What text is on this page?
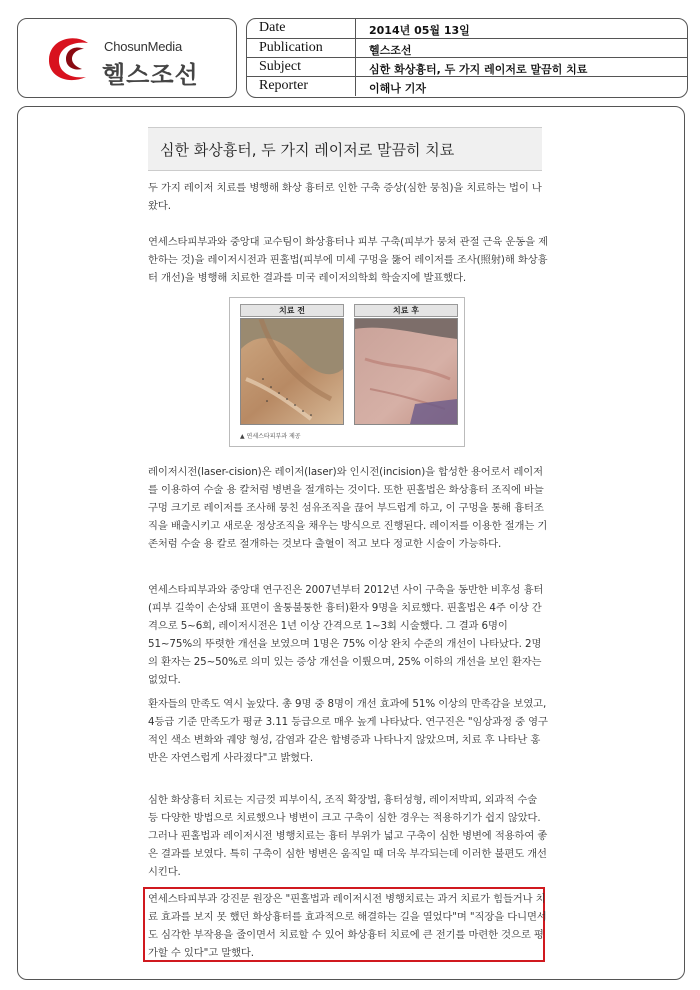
ChosunMedia
헬스조선
Date	2014년 05월 13일
Publication	헬스조선
Subject	심한 화상흉터, 두 가지 레이저로 말끔히 치료
Reporter	이해나 기자
심한 화상흉터, 두 가지 레이저로 말끔히 치료

두 가지 레이저 치료를 병행해 화상 흉터로 인한 구축 증상(심한 뭉침)을 치료하는 법이 나왔다.

연세스타피부과와 중앙대 교수팀이 화상흉터나 피부 구축(피부가 뭉쳐 관절 근육 운동을 제한하는 것)을 레이저시전과 핀홀법(피부에 미세 구멍을 뚫어 레이저를 조사(照射)해 화상흉터 개선)을 병행해 치료한 결과를 미국 레이저의학회 학술지에 발표했다.

치료 전	치료 후
▲ 연세스타피부과 제공

레이저시전(laser-cision)은 레이저(laser)와 인시전(incision)을 합성한 용어로서 레이저를 이용하여 수술 용 칼처럼 병변을 절개하는 것이다. 또한 핀홀법은 화상흉터 조직에 바늘구멍 크기로 레이저를 조사해 뭉친 섬유조직을 끊어 부드럽게 하고, 이 구멍을 통해 흉터조직을 배출시키고 새로운 정상조직을 채우는 방식으로 진행된다. 레이저를 이용한 절개는 기존처럼 수술 용 칼로 절개하는 것보다 출혈이 적고 보다 정교한 시술이 가능하다.

연세스타피부과와 중앙대 연구진은 2007년부터 2012년 사이 구축을 동반한 비후성 흉터(피부 길쑥이 손상돼 표면이 울퉁불퉁한 흉터)환자 9명을 치료했다. 핀홀법은 4주 이상 간격으로 5~6회, 레이저시전은 1년 이상 간격으로 1~3회 시술했다. 그 결과 6명이 51~75%의 뚜렷한 개선을 보였으며 1명은 75% 이상 완치 수준의 개선이 나타났다. 2명의 환자는 25~50%로 의미 있는 증상 개선을 이뤘으며, 25% 이하의 개선을 보인 환자는 없었다.

환자들의 만족도 역시 높았다. 총 9명 중 8명이 개선 효과에 51% 이상의 만족감을 보였고, 4등급 기준 만족도가 평균 3.11 등급으로 매우 높게 나타났다. 연구진은 "임상과정 중 영구적인 색소 변화와 궤양 형성, 감염과 같은 합병증과 나타나지 않았으며, 치료 후 나타난 홍반은 자연스럽게 사라졌다"고 밝혔다.

심한 화상흉터 치료는 지금껏 피부이식, 조직 확장법, 흉터성형, 레이저박피, 외과적 수술 등 다양한 방법으로 치료했으나 병변이 크고 구축이 심한 경우는 적용하기가 쉽지 않았다. 그러나 핀홀법과 레이저시전 병행치료는 흉터 부위가 넓고 구축이 심한 병변에 적용하여 좋은 결과를 보였다. 특히 구축이 심한 병변은 움직일 때 더욱 부각되는데 이러한 불편도 개선시킨다.

연세스타피부과 강진문 원장은 "핀홀법과 레이저시전 병행치료는 과거 치료가 힘들거나 치료 효과를 보지 못 했던 화상흉터를 효과적으로 해결하는 길을 열었다"며 "직장을 다니면서도 심각한 부작용을 줄이면서 치료할 수 있어 화상흉터 치료에 큰 전기를 마련한 것으로 평가할 수 있다"고 말했다.
